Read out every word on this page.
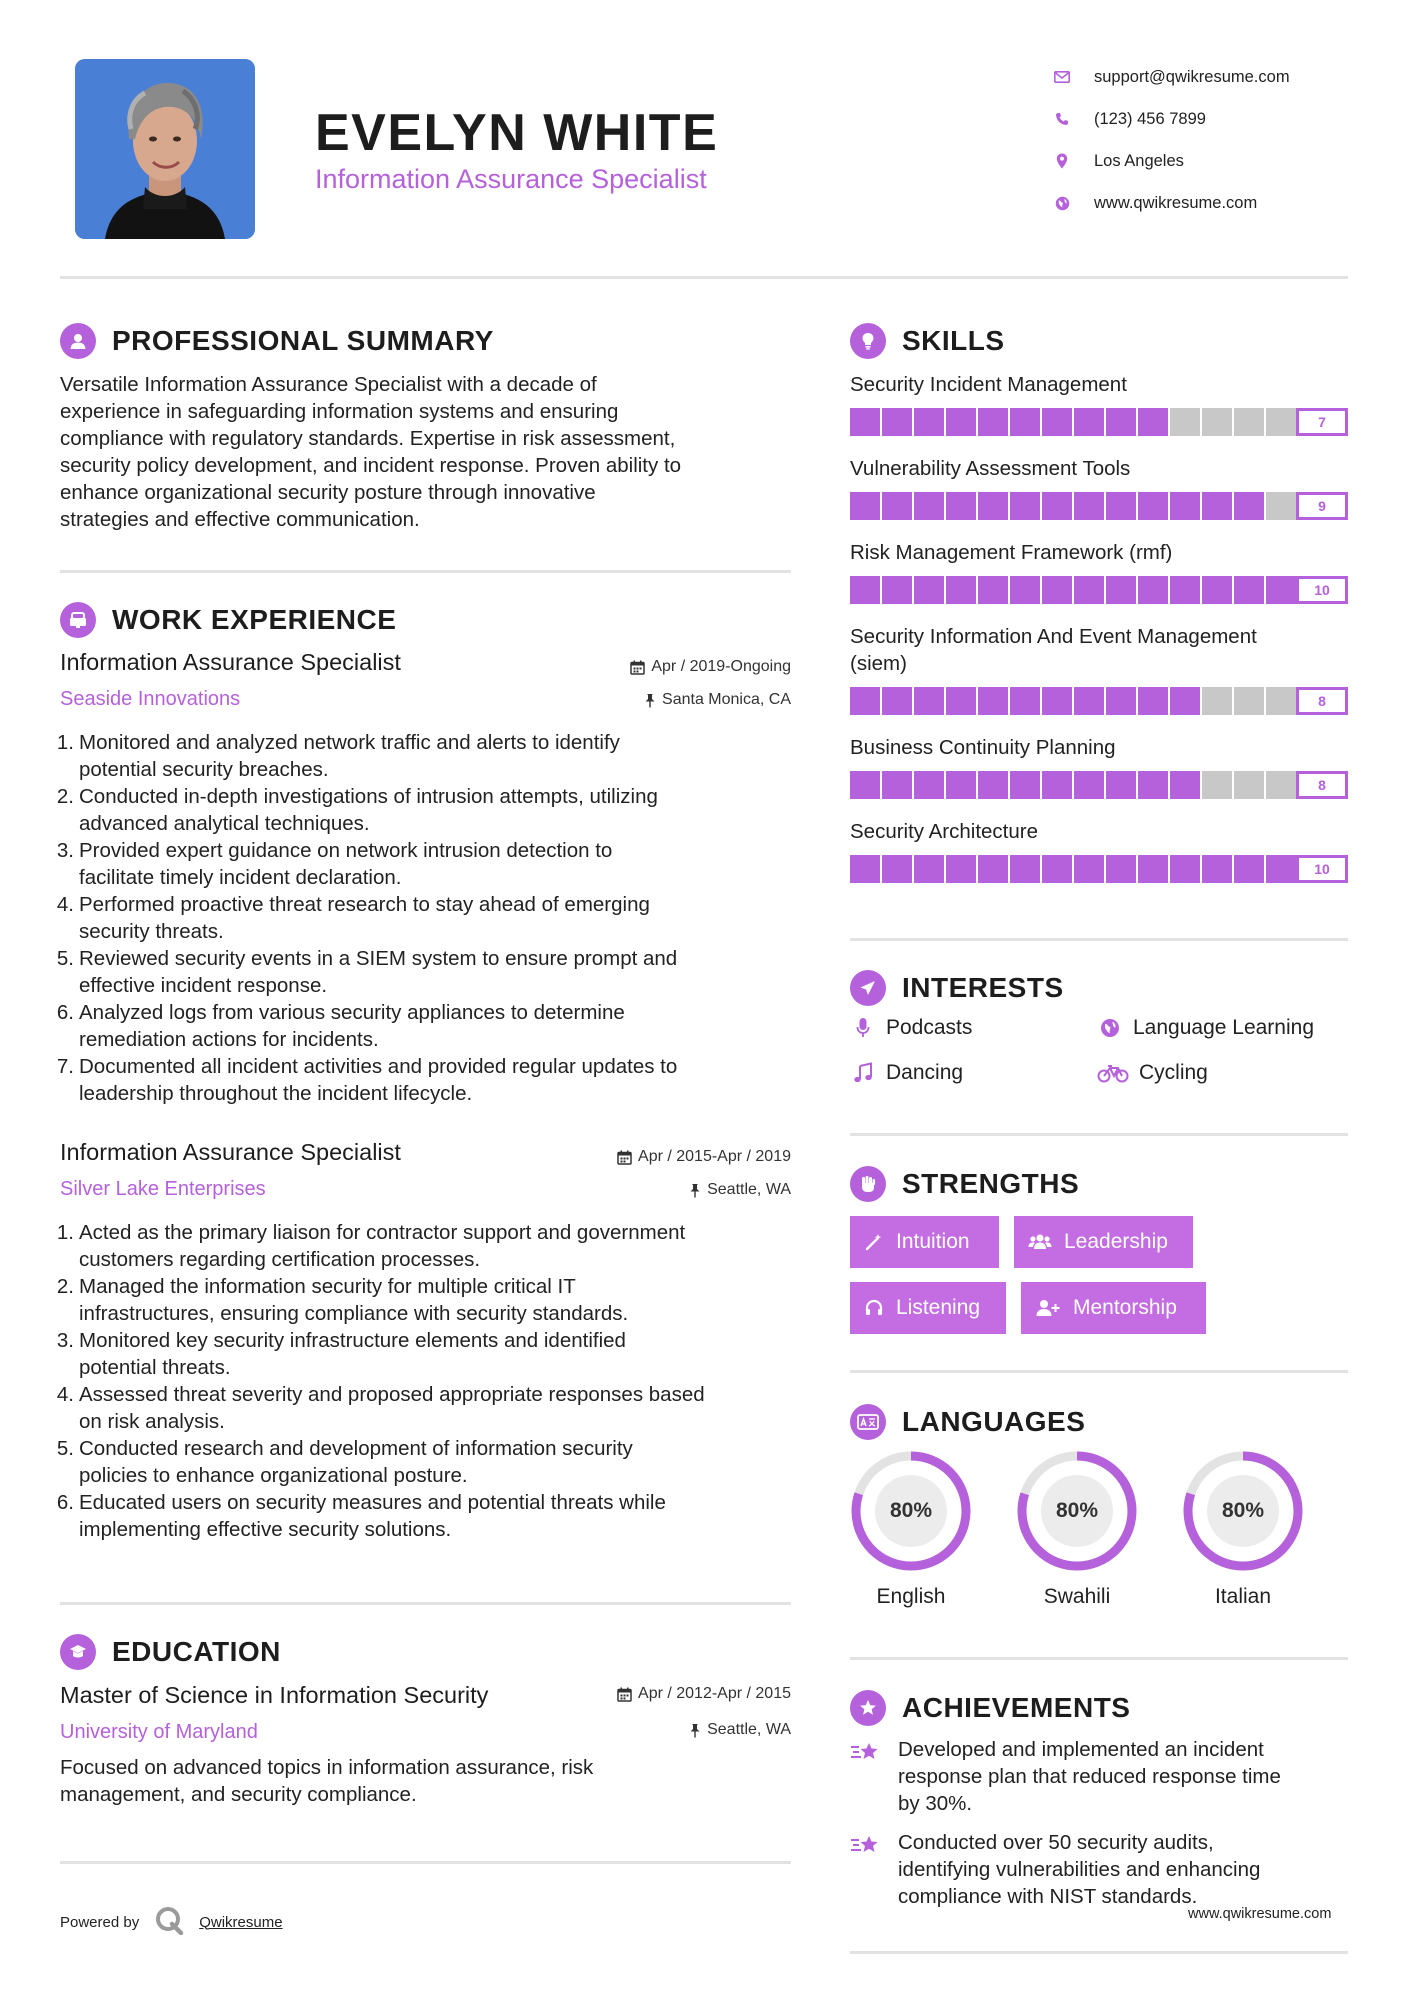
EVELYN WHITE
Information Assurance Specialist
support@qwikresume.com
(123) 456 7899
Los Angeles
www.qwikresume.com
PROFESSIONAL SUMMARY
Versatile Information Assurance Specialist with a decade of
experience in safeguarding information systems and ensuring
compliance with regulatory standards. Expertise in risk assessment,
security policy development, and incident response. Proven ability to
enhance organizational security posture through innovative
strategies and effective communication.
WORK EXPERIENCE
Information Assurance Specialist	Apr / 2019-Ongoing
Seaside Innovations	Santa Monica, CA
1. Monitored and analyzed network traffic and alerts to identify
potential security breaches.
2. Conducted in-depth investigations of intrusion attempts, utilizing
advanced analytical techniques.
3. Provided expert guidance on network intrusion detection to
facilitate timely incident declaration.
4. Performed proactive threat research to stay ahead of emerging
security threats.
5. Reviewed security events in a SIEM system to ensure prompt and
effective incident response.
6. Analyzed logs from various security appliances to determine
remediation actions for incidents.
7. Documented all incident activities and provided regular updates to
leadership throughout the incident lifecycle.
Information Assurance Specialist	Apr / 2015-Apr / 2019
Silver Lake Enterprises	Seattle, WA
1. Acted as the primary liaison for contractor support and government
customers regarding certification processes.
2. Managed the information security for multiple critical IT
infrastructures, ensuring compliance with security standards.
3. Monitored key security infrastructure elements and identified
potential threats.
4. Assessed threat severity and proposed appropriate responses based
on risk analysis.
5. Conducted research and development of information security
policies to enhance organizational posture.
6. Educated users on security measures and potential threats while
implementing effective security solutions.
EDUCATION
Master of Science in Information Security	Apr / 2012-Apr / 2015
University of Maryland	Seattle, WA
Focused on advanced topics in information assurance, risk
management, and security compliance.
SKILLS
Security Incident Management
7
Vulnerability Assessment Tools
9
Risk Management Framework (rmf)
10
Security Information And Event Management
(siem)
8
Business Continuity Planning
8
Security Architecture
10
INTERESTS
Podcasts	Language Learning
Dancing	Cycling
STRENGTHS
Intuition	Leadership
Listening	Mentorship
LANGUAGES
80%
English
80%
Swahili
80%
Italian
ACHIEVEMENTS
Developed and implemented an incident
response plan that reduced response time
by 30%.
Conducted over 50 security audits,
identifying vulnerabilities and enhancing
compliance with NIST standards.
Powered by	Qwikresume	www.qwikresume.com
